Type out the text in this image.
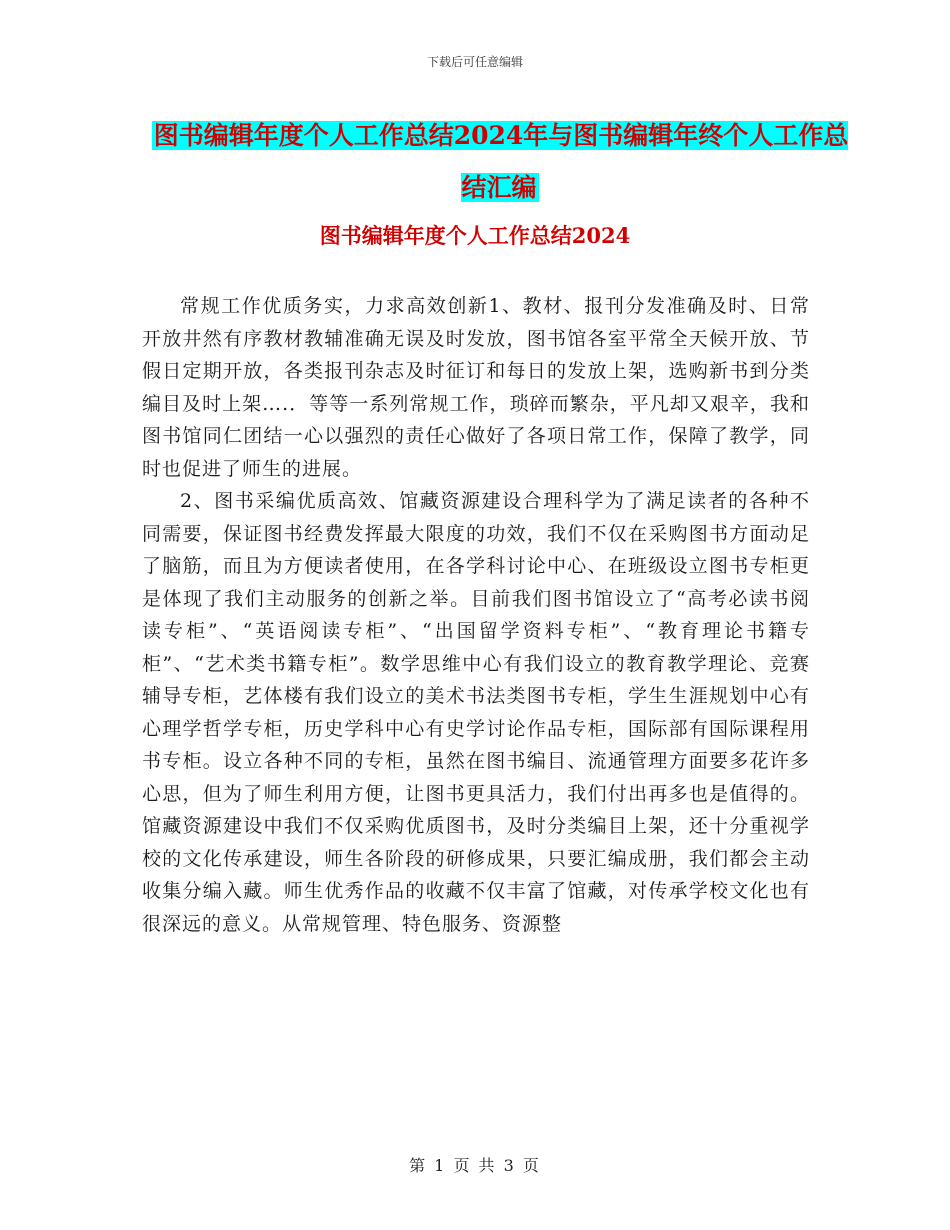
下载后可任意编辑
图书编辑年度个人工作总结2024年与图书编辑年终个人工作总结汇编
图书编辑年度个人工作总结2024

常规工作优质务实，力求高效创新1、教材、报刊分发准确及时、日常开放井然有序教材教辅准确无误及时发放，图书馆各室平常全天候开放、节假日定期开放，各类报刊杂志及时征订和每日的发放上架，选购新书到分类编目及时上架….．等等一系列常规工作，琐碎而繁杂，平凡却又艰辛，我和图书馆同仁团结一心以强烈的责任心做好了各项日常工作，保障了教学，同时也促进了师生的进展。

2、图书采编优质高效、馆藏资源建设合理科学为了满足读者的各种不同需要，保证图书经费发挥最大限度的功效，我们不仅在采购图书方面动足了脑筋，而且为方便读者使用，在各学科讨论中心、在班级设立图书专柜更是体现了我们主动服务的创新之举。目前我们图书馆设立了“高考必读书阅读专柜”、“英语阅读专柜”、“出国留学资料专柜”、“教育理论书籍专柜”、“艺术类书籍专柜”。数学思维中心有我们设立的教育教学理论、竞赛辅导专柜，艺体楼有我们设立的美术书法类图书专柜，学生生涯规划中心有心理学哲学专柜，历史学科中心有史学讨论作品专柜，国际部有国际课程用书专柜。设立各种不同的专柜，虽然在图书编目、流通管理方面要多花许多心思，但为了师生利用方便，让图书更具活力，我们付出再多也是值得的。馆藏资源建设中我们不仅采购优质图书，及时分类编目上架，还十分重视学校的文化传承建设，师生各阶段的研修成果，只要汇编成册，我们都会主动收集分编入藏。师生优秀作品的收藏不仅丰富了馆藏，对传承学校文化也有很深远的意义。从常规管理、特色服务、资源整

第 1 页 共 3 页
